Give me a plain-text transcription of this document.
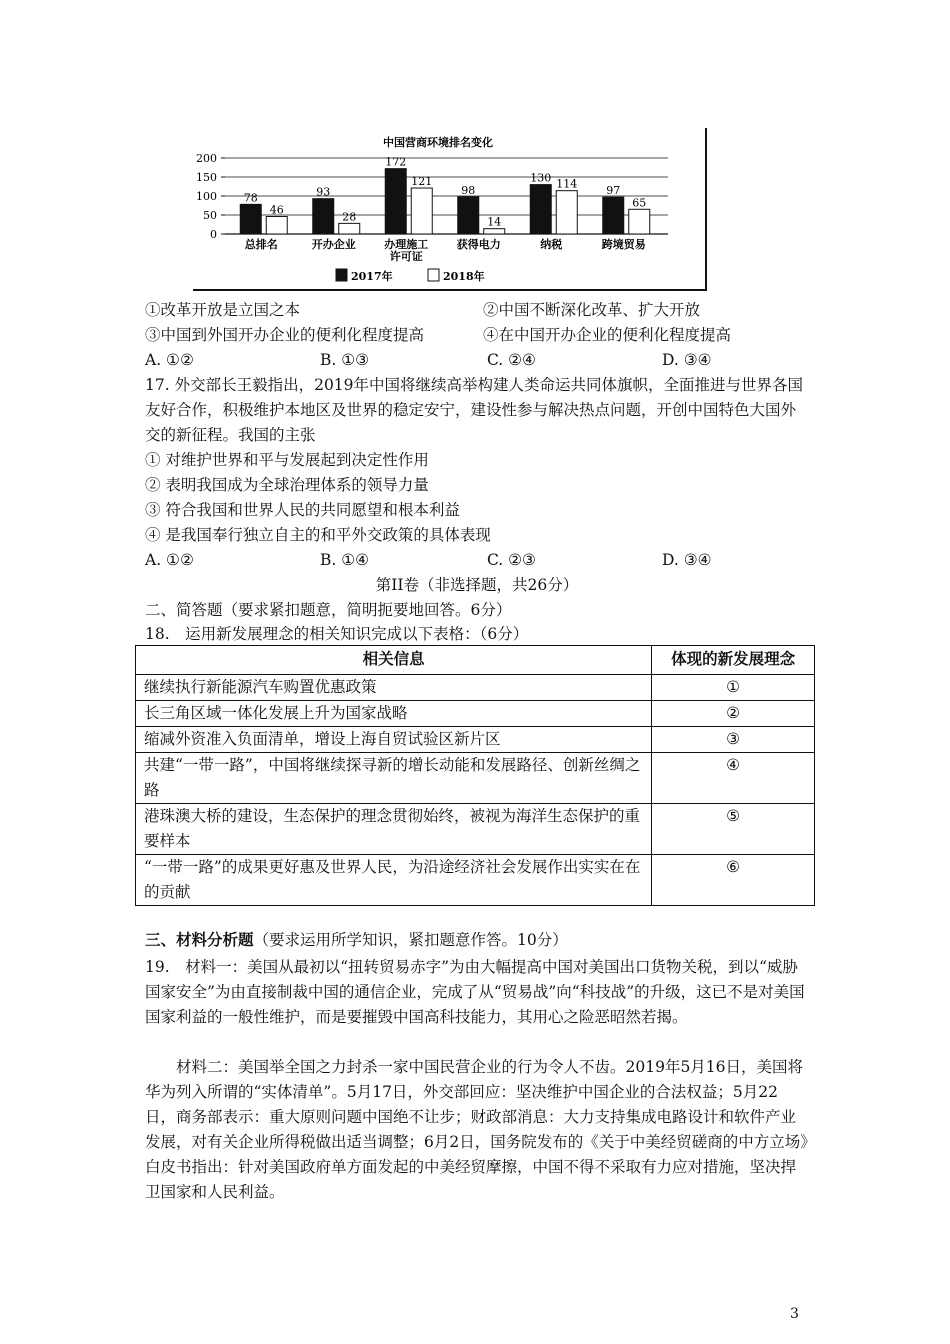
中国营商环境排名变化
0
50
100
150
200
78
46
93
28
172
121
98
14
130 114	97
65
总排名	开办企业	办理施工
许可证
获得电力	纳税	跨境贸易
2017年	2018年
①改革开放是立国之本	②中国不断深化改革、扩大开放
③中国到外国开办企业的便利化程度提高	④在中国开办企业的便利化程度提高
A. ①②	B. ①③	C. ②④	D. ③④
17. 外交部长王毅指出，2019年中国将继续高举构建人类命运共同体旗帜，全面推进与世界各国友好合作，积极维护本地区及世界的稳定安宁，建设性参与解决热点问题，开创中国特色大国外交的新征程。我国的主张
① 对维护世界和平与发展起到决定性作用
② 表明我国成为全球治理体系的领导力量
③ 符合我国和世界人民的共同愿望和根本利益
④ 是我国奉行独立自主的和平外交政策的具体表现
A. ①②	B. ①④	C. ②③	D. ③④
第II卷（非选择题，共26分）
二、简答题（要求紧扣题意，简明扼要地回答。6分）
18.　运用新发展理念的相关知识完成以下表格：（6分）
相关信息	体现的新发展理念
继续执行新能源汽车购置优惠政策	①
长三角区域一体化发展上升为国家战略	②
缩减外资准入负面清单，增设上海自贸试验区新片区	③
共建“一带一路”，中国将继续探寻新的增长动能和发展路径、创新丝绸之路	④
港珠澳大桥的建设，生态保护的理念贯彻始终，被视为海洋生态保护的重要样本	⑤
“一带一路”的成果更好惠及世界人民，为沿途经济社会发展作出实实在在的贡献	⑥
三、材料分析题（要求运用所学知识，紧扣题意作答。10分）
19.　材料一：美国从最初以“扭转贸易赤字”为由大幅提高中国对美国出口货物关税，到以“威胁国家安全”为由直接制裁中国的通信企业，完成了从“贸易战”向“科技战”的升级，这已不是对美国国家利益的一般性维护，而是要摧毁中国高科技能力，其用心之险恶昭然若揭。
材料二：美国举全国之力封杀一家中国民营企业的行为令人不齿。2019年5月16日，美国将华为列入所谓的“实体清单”。5月17日，外交部回应：坚决维护中国企业的合法权益；5月22日，商务部表示：重大原则问题中国绝不让步；财政部消息：大力支持集成电路设计和软件产业发展，对有关企业所得税做出适当调整；6月2日，国务院发布的《关于中美经贸磋商的中方立场》白皮书指出：针对美国政府单方面发起的中美经贸摩擦，中国不得不采取有力应对措施，坚决捍卫国家和人民利益。
3
